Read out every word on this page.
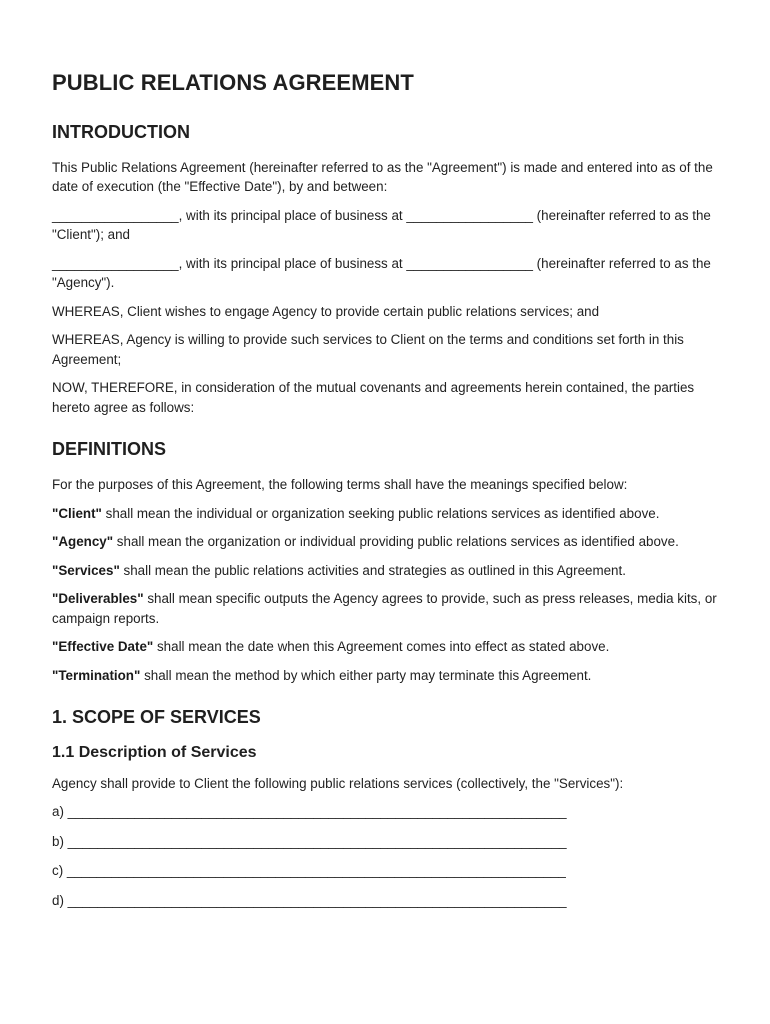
PUBLIC RELATIONS AGREEMENT
INTRODUCTION

This Public Relations Agreement (hereinafter referred to as the "Agreement") is made and entered into as of the date of execution (the "Effective Date"), by and between:

_________________, with its principal place of business at _________________ (hereinafter referred to as the "Client"); and

_________________, with its principal place of business at _________________ (hereinafter referred to as the "Agency").

WHEREAS, Client wishes to engage Agency to provide certain public relations services; and

WHEREAS, Agency is willing to provide such services to Client on the terms and conditions set forth in this Agreement;

NOW, THEREFORE, in consideration of the mutual covenants and agreements herein contained, the parties hereto agree as follows:

DEFINITIONS

For the purposes of this Agreement, the following terms shall have the meanings specified below:

"Client" shall mean the individual or organization seeking public relations services as identified above.

"Agency" shall mean the organization or individual providing public relations services as identified above.

"Services" shall mean the public relations activities and strategies as outlined in this Agreement.

"Deliverables" shall mean specific outputs the Agency agrees to provide, such as press releases, media kits, or campaign reports.

"Effective Date" shall mean the date when this Agreement comes into effect as stated above.

"Termination" shall mean the method by which either party may terminate this Agreement.

1. SCOPE OF SERVICES
1.1 Description of Services

Agency shall provide to Client the following public relations services (collectively, the "Services"):

a) ___________________________________________________________________

b) ___________________________________________________________________

c) ___________________________________________________________________

d) ___________________________________________________________________
